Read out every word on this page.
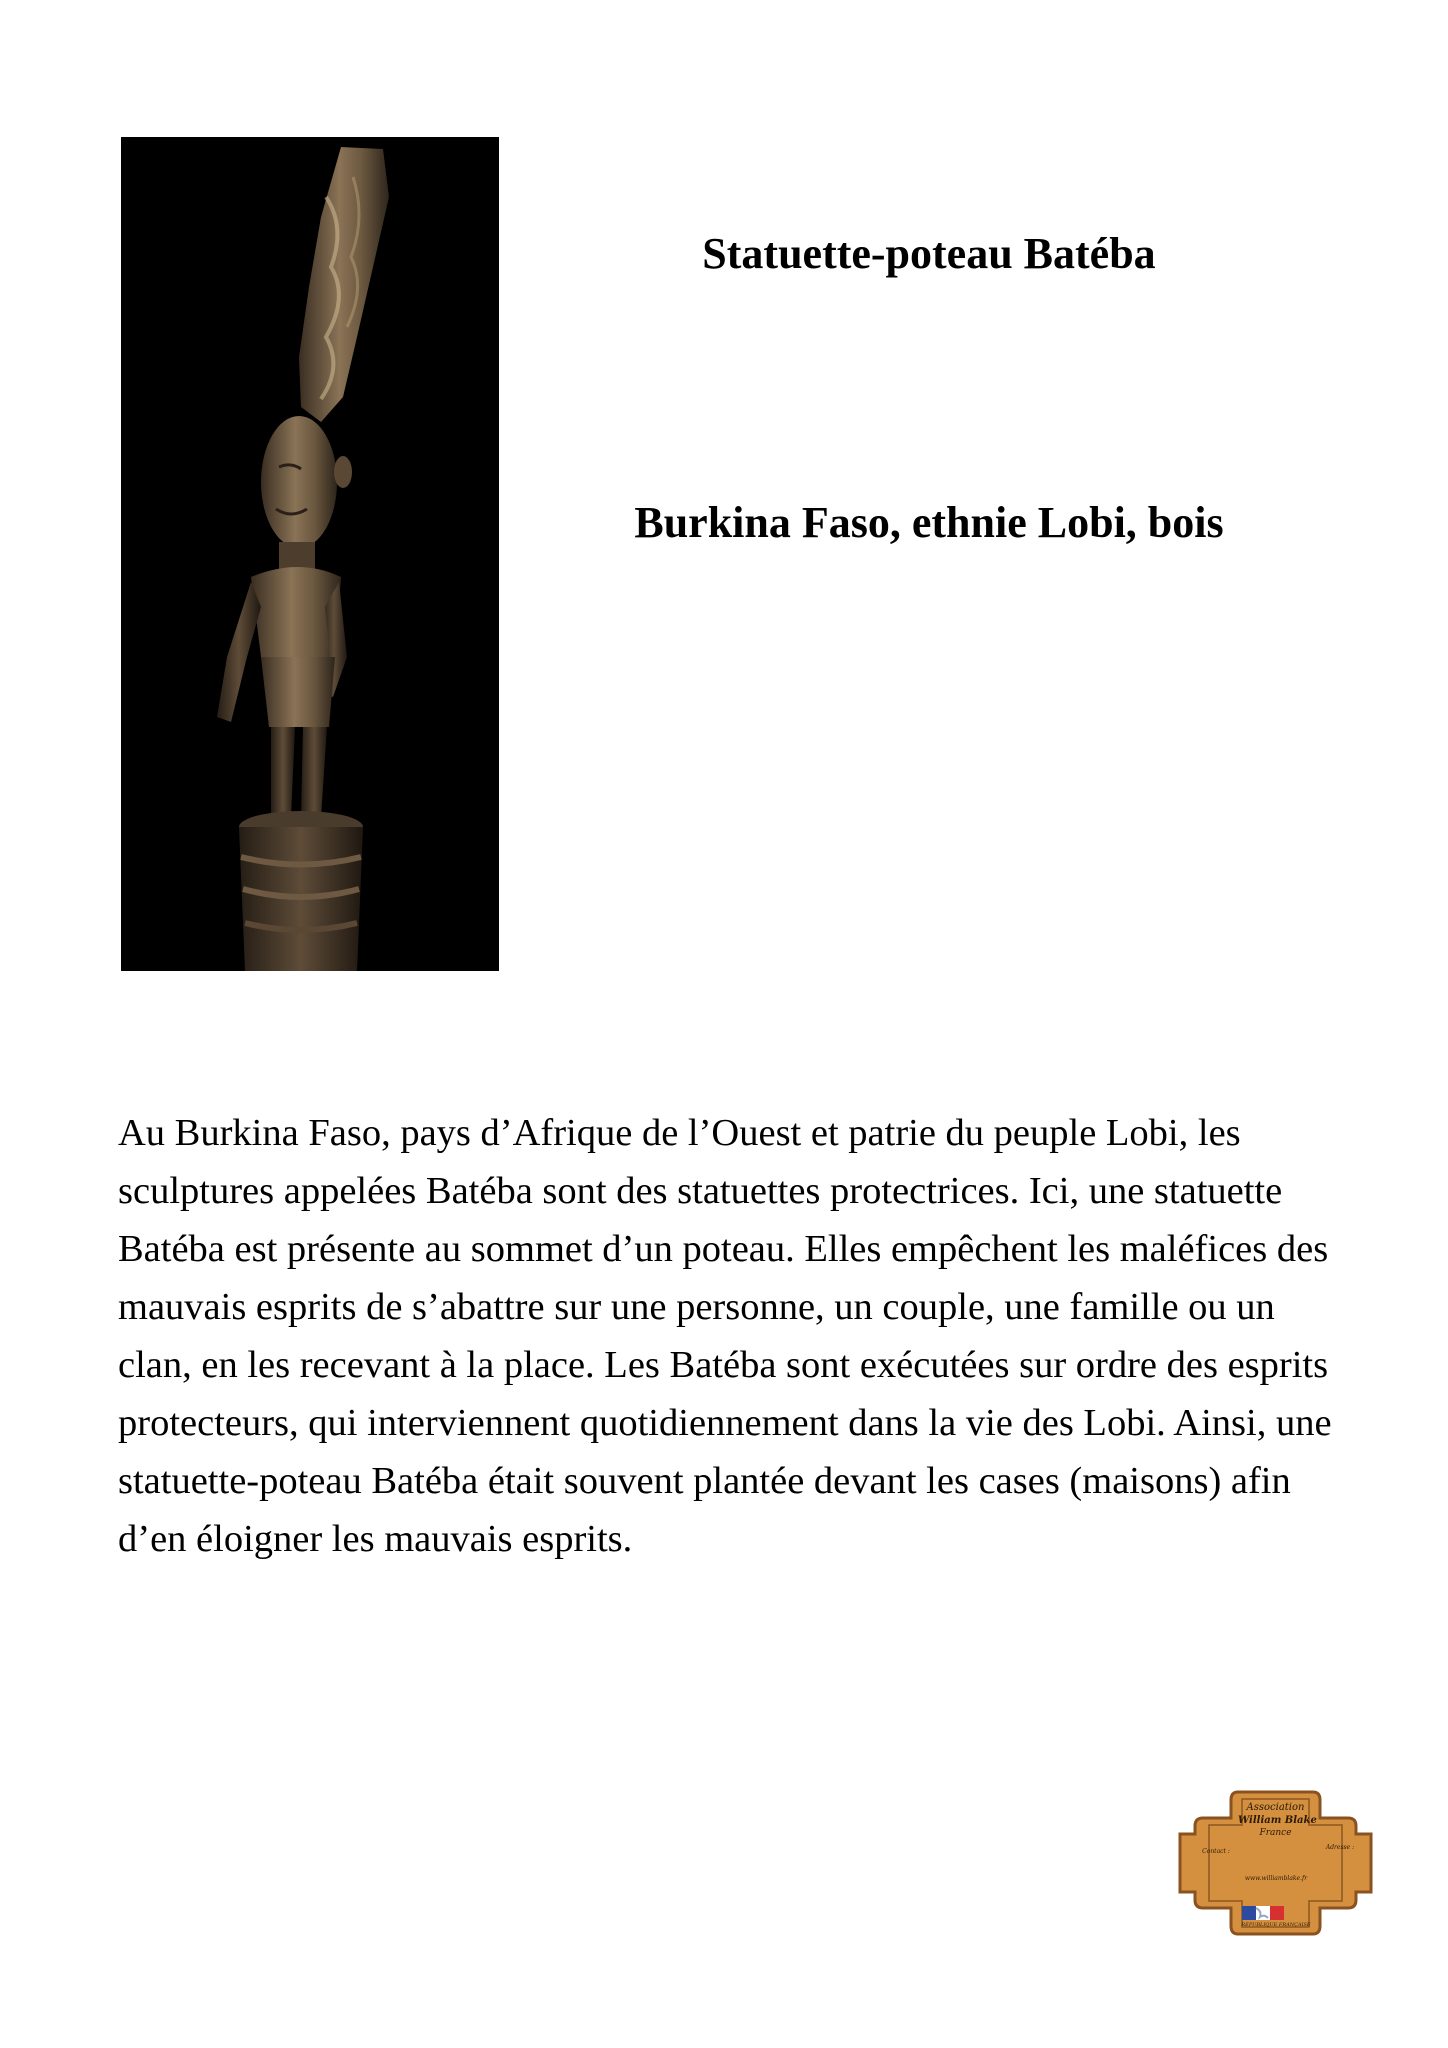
Statuette-poteau Batéba
Burkina Faso, ethnie Lobi, bois

Au Burkina Faso, pays d’Afrique de l’Ouest et patrie du peuple Lobi, les sculptures appelées Batéba sont des statuettes protectrices. Ici, une statuette Batéba est présente au sommet d’un poteau. Elles empêchent les maléfices des mauvais esprits de s’abattre sur une personne, un couple, une famille ou un clan, en les recevant à la place. Les Batéba sont exécutées sur ordre des esprits protecteurs, qui interviennent quotidiennement dans la vie des Lobi. Ainsi, une statuette-poteau Batéba était souvent plantée devant les cases (maisons) afin d’en éloigner les mauvais esprits.

Association
William Blake
France
Contact :
Adresse :
www.williamblake.fr
RÉPUBLIQUE FRANÇAISE
